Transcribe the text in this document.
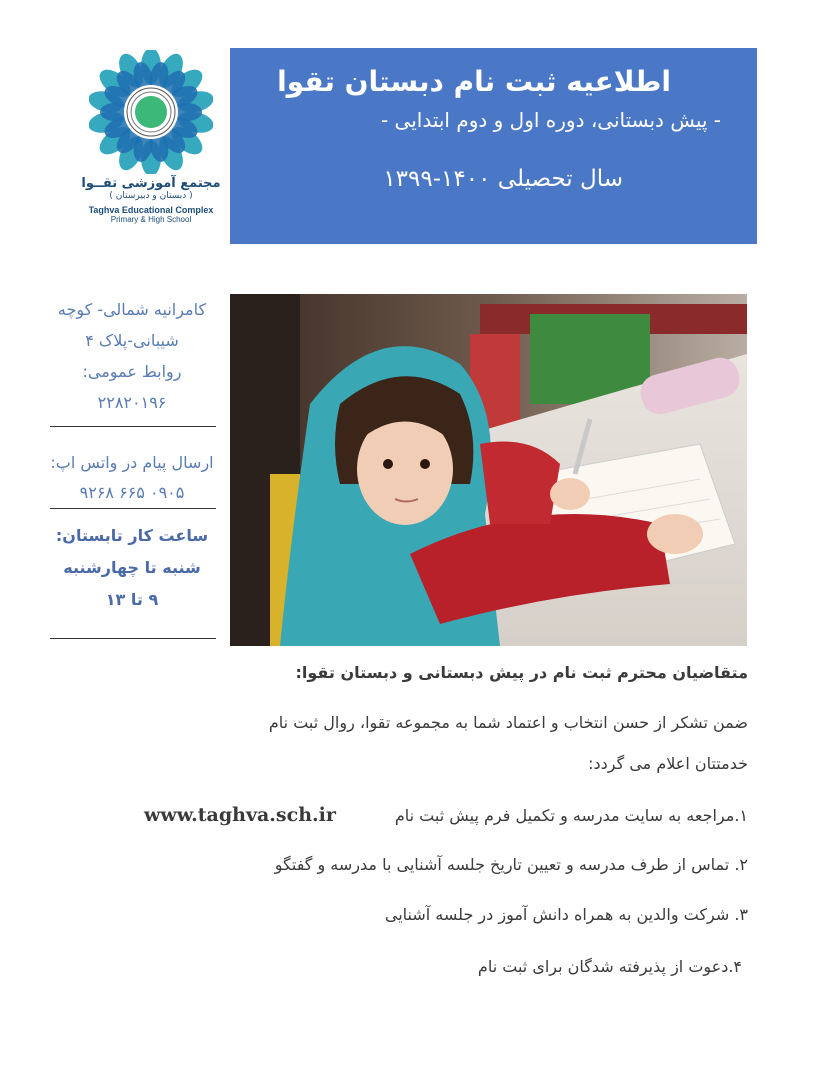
مجتمع آموزشی تقــوا
( دبستان و دبیرستان )
Taghva Educational Complex
Primary & High School
اطلاعیه ثبت نام دبستان تقوا
- پیش دبستانی، دوره اول و دوم ابتدایی -
سال تحصیلی ۱۴۰۰-۱۳۹۹
کامرانیه شمالی- کوچه
شیبانی-پلاک ۴
روابط عمومی:
۲۲۸۲۰۱۹۶
ارسال پیام در واتس اپ:
۰۹۰۵ ۶۶۵ ۹۲۶۸
ساعت کار تابستان:
شنبه تا چهارشنبه
۹ تا ۱۳
متقاضیان محترم ثبت نام در پیش دبستانی و دبستان تقوا:
ضمن تشکر از حسن انتخاب و اعتماد شما به مجموعه تقوا، روال ثبت نام
خدمتتان اعلام می گردد:
۱.مراجعه به سایت مدرسه و تکمیل فرم پیش ثبت نام
www.taghva.sch.ir
۲. تماس از طرف مدرسه و تعیین تاریخ جلسه آشنایی با مدرسه و گفتگو
۳. شرکت والدین به همراه دانش آموز در جلسه آشنایی
۴.دعوت از پذیرفته شدگان برای ثبت نام
